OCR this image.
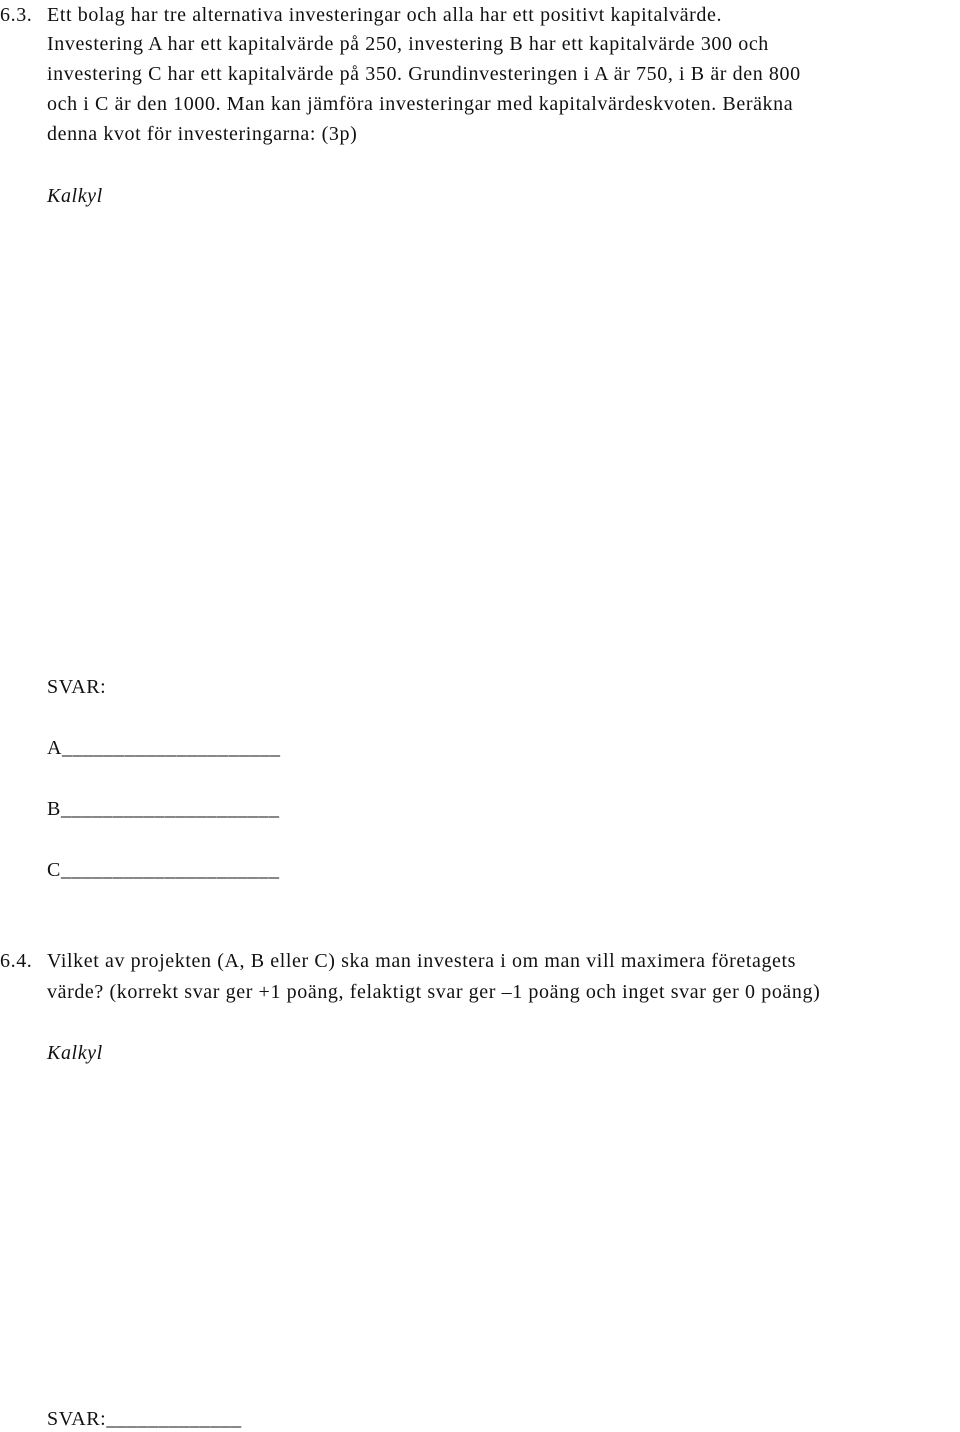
6.3. Ett bolag har tre alternativa investeringar och alla har ett positivt kapitalvärde.
Investering A har ett kapitalvärde på 250, investering B har ett kapitalvärde 300 och
investering C har ett kapitalvärde på 350. Grundinvesteringen i A är 750, i B är den 800
och i C är den 1000. Man kan jämföra investeringar med kapitalvärdeskvoten. Beräkna
denna kvot för investeringarna: (3p)
Kalkyl
SVAR:
A_____________________
B_____________________
C_____________________
6.4. Vilket av projekten (A, B eller C) ska man investera i om man vill maximera företagets
värde? (korrekt svar ger +1 poäng, felaktigt svar ger –1 poäng och inget svar ger 0 poäng)
Kalkyl
SVAR:_____________
